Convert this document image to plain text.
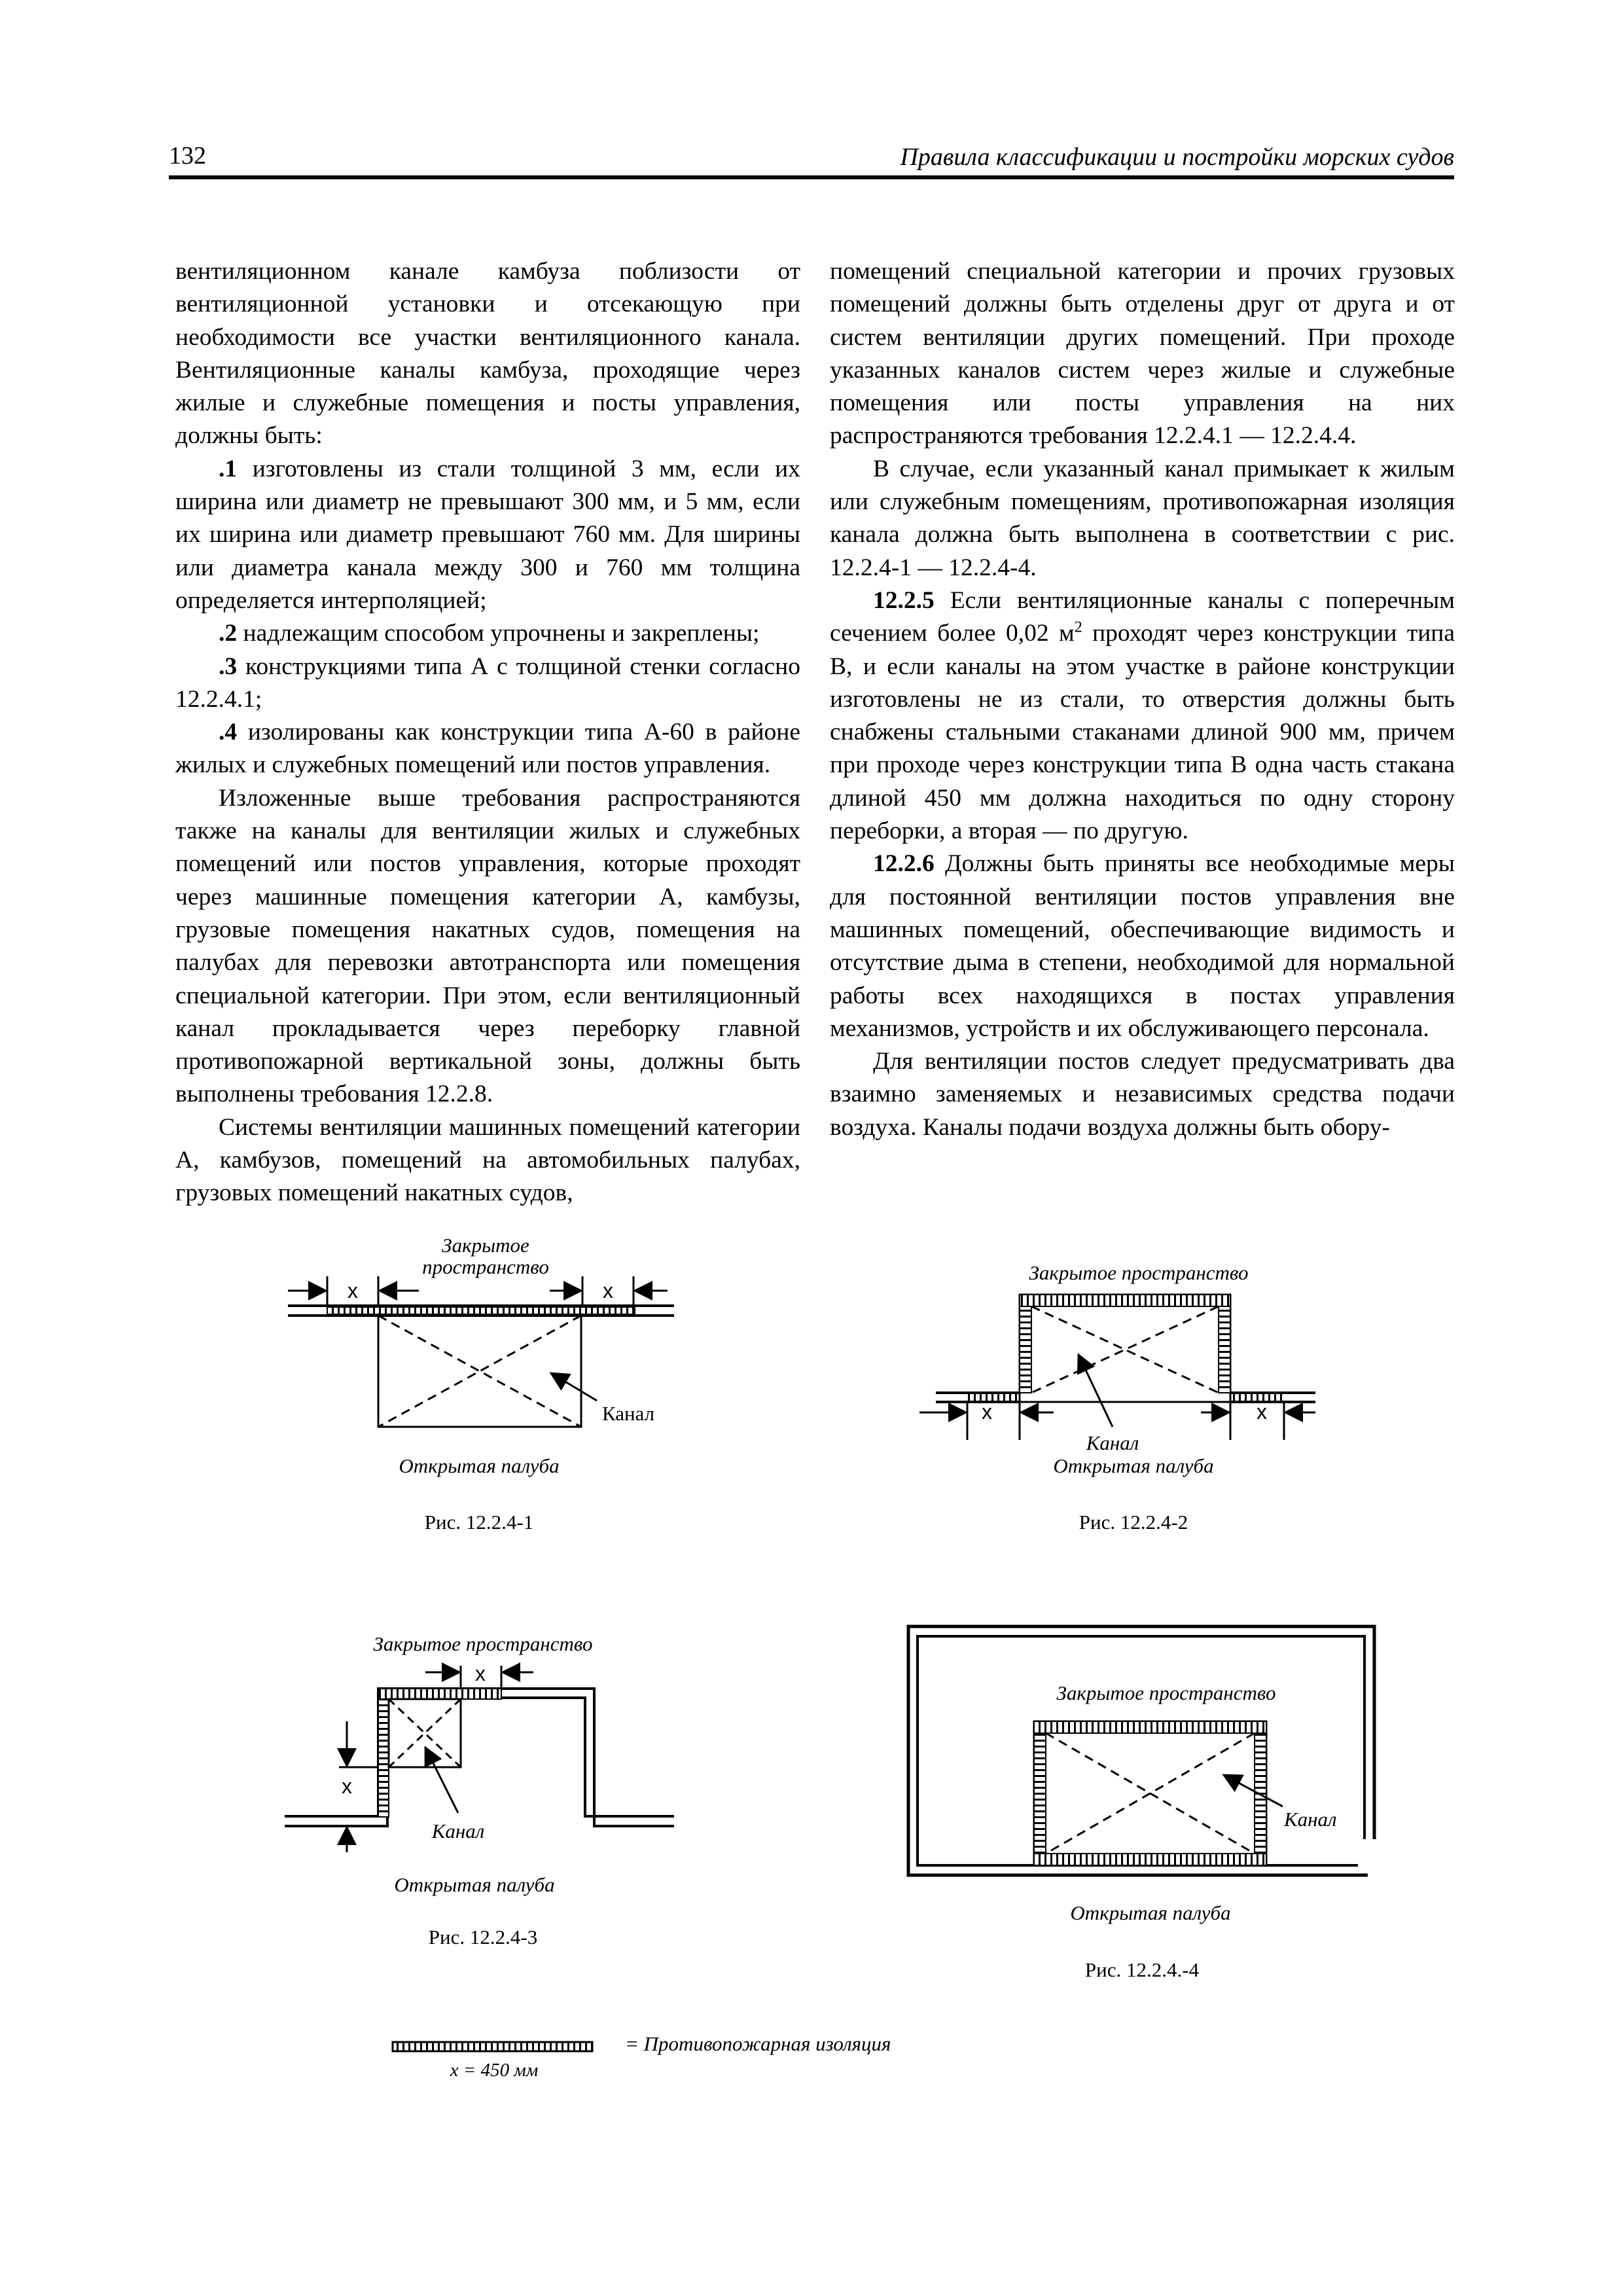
132	Правила классификации и постройки морских судов

вентиляционном канале камбуза поблизости от вентиляционной установки и отсекающую при необходимости все участки вентиляционного канала. Вентиляционные каналы камбуза, проходящие через жилые и служебные помещения и посты управления, должны быть:

.1 изготовлены из стали толщиной 3 мм, если их ширина или диаметр не превышают 300 мм, и 5 мм, если их ширина или диаметр превышают 760 мм. Для ширины или диаметра канала между 300 и 760 мм толщина определяется интерполяцией;

.2 надлежащим способом упрочнены и закреплены;

.3 конструкциями типа А с толщиной стенки согласно 12.2.4.1;

.4 изолированы как конструкции типа А-60 в районе жилых и служебных помещений или постов управления.

Изложенные выше требования распространяются также на каналы для вентиляции жилых и служебных помещений или постов управления, которые проходят через машинные помещения категории А, камбузы, грузовые помещения накатных судов, помещения на палубах для перевозки автотранспорта или помещения специальной категории. При этом, если вентиляционный канал прокладывается через переборку главной противопожарной вертикальной зоны, должны быть выполнены требования 12.2.8.

Системы вентиляции машинных помещений категории А, камбузов, помещений на автомобильных палубах, грузовых помещений накатных судов,

помещений специальной категории и прочих грузовых помещений должны быть отделены друг от друга и от систем вентиляции других помещений. При проходе указанных каналов систем через жилые и служебные помещения или посты управления на них распространяются требования 12.2.4.1 — 12.2.4.4.

В случае, если указанный канал примыкает к жилым или служебным помещениям, противопожарная изоляция канала должна быть выполнена в соответствии с рис. 12.2.4-1 — 12.2.4-4.

12.2.5 Если вентиляционные каналы с поперечным сечением более 0,02 $м^2$ проходят через конструкции типа В, и если каналы на этом участке в районе конструкции изготовлены не из стали, то отверстия должны быть снабжены стальными стаканами длиной 900 мм, причем при проходе через конструкции типа В одна часть стакана длиной 450 мм должна находиться по одну сторону переборки, а вторая — по другую.

12.2.6 Должны быть приняты все необходимые меры для постоянной вентиляции постов управления вне машинных помещений, обеспечивающие видимость и отсутствие дыма в степени, необходимой для нормальной работы всех находящихся в постах управления механизмов, устройств и их обслуживающего персонала.

Для вентиляции постов следует предусматривать два взаимно заменяемых и независимых средства подачи воздуха. Каналы подачи воздуха должны быть обору-

Закрытое
пространство
x	x
Канал
Открытая палуба
Рис. 12.2.4-1
Закрытое пространство
x	x
Канал
Открытая палуба
Рис. 12.2.4-2
Закрытое пространство
x
x
Канал
Открытая палуба
Рис. 12.2.4-3
Закрытое пространство
Канал
Открытая палуба
Рис. 12.2.4.-4
= Противопожарная изоляция
x = 450 мм
